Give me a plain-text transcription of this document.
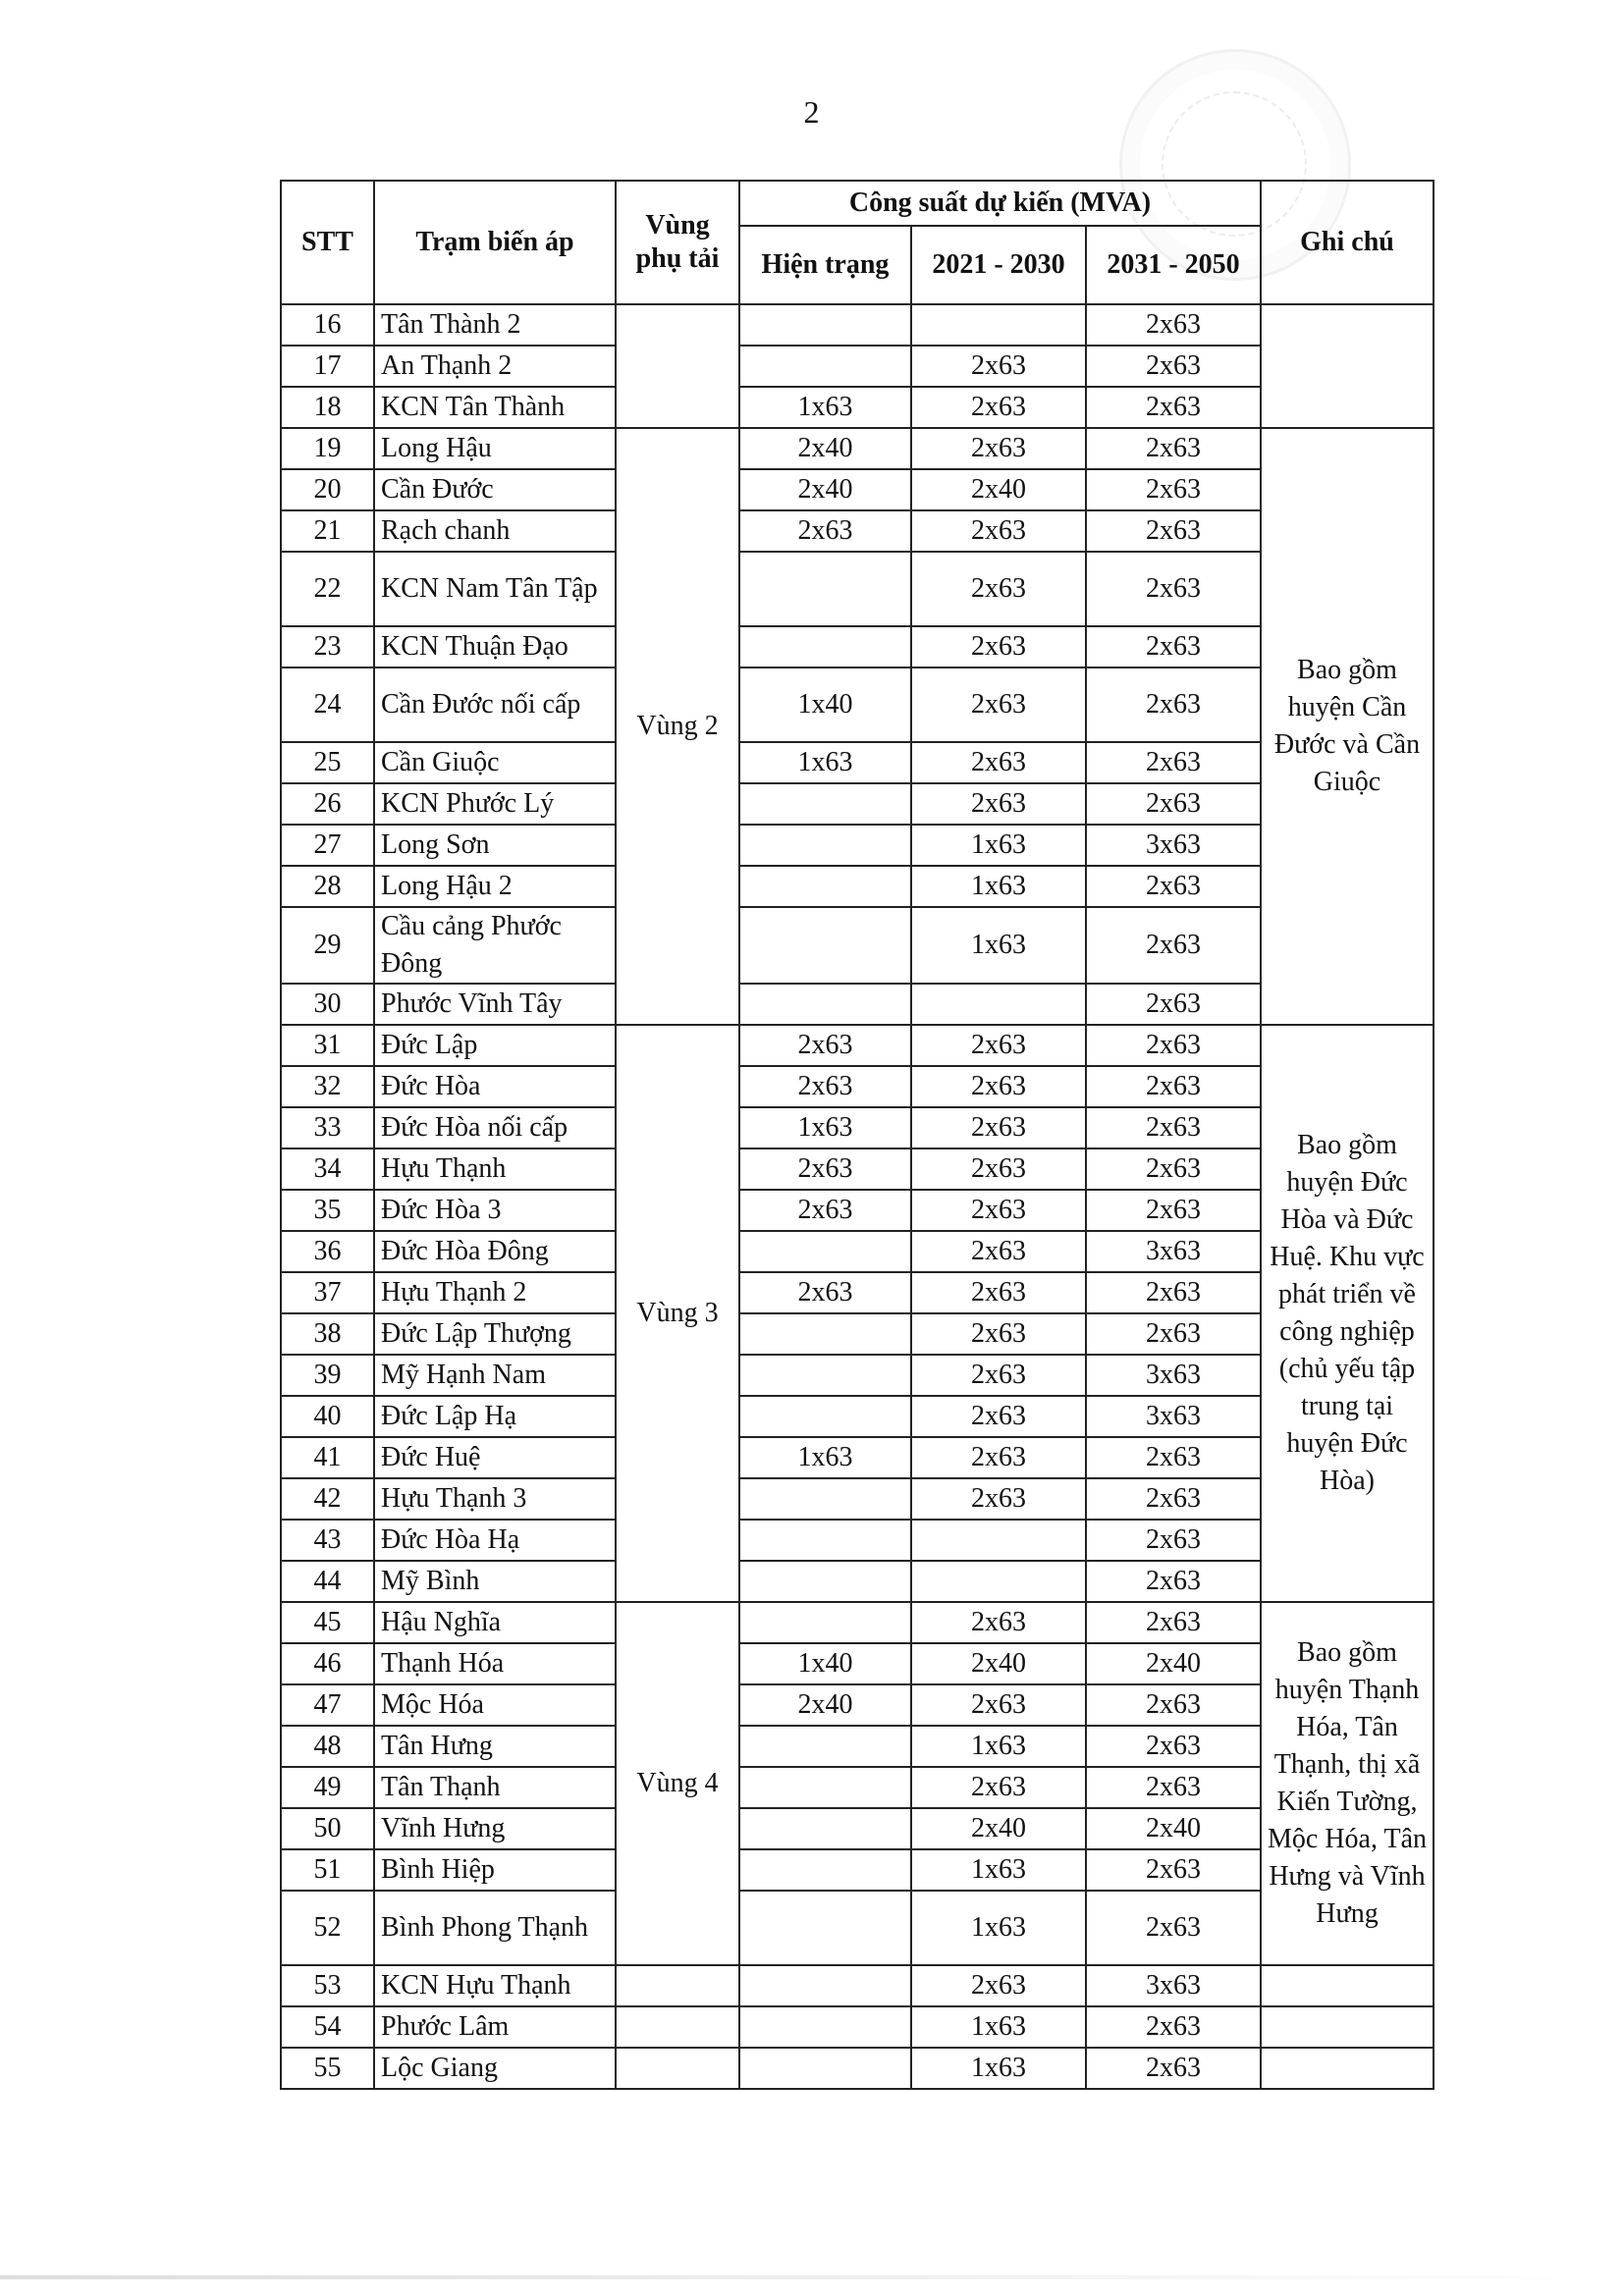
2
STT	Trạm biến áp	Vùng phụ tải	Công suất dự kiến (MVA)			Ghi chú
			Hiện trạng	2021 - 2030	2031 - 2050	
16	Tân Thành 2				2x63	
17	An Thạnh 2			2x63	2x63	
18	KCN Tân Thành		1x63	2x63	2x63	
19	Long Hậu	Vùng 2	2x40	2x63	2x63	Bao gồm huyện Cần Đước và Cần Giuộc
20	Cần Đước		2x40	2x40	2x63	
21	Rạch chanh		2x63	2x63	2x63	
22	KCN Nam Tân Tập			2x63	2x63	
23	KCN Thuận Đạo			2x63	2x63	
24	Cần Đước nối cấp		1x40	2x63	2x63	
25	Cần Giuộc		1x63	2x63	2x63	
26	KCN Phước Lý			2x63	2x63	
27	Long Sơn			1x63	3x63	
28	Long Hậu 2			1x63	2x63	
29	Cầu cảng Phước Đông			1x63	2x63	
30	Phước Vĩnh Tây				2x63	
31	Đức Lập	Vùng 3	2x63	2x63	2x63	Bao gồm huyện Đức Hòa và Đức Huệ. Khu vực phát triển về công nghiệp (chủ yếu tập trung tại huyện Đức Hòa)
32	Đức Hòa		2x63	2x63	2x63	
33	Đức Hòa nối cấp		1x63	2x63	2x63	
34	Hựu Thạnh		2x63	2x63	2x63	
35	Đức Hòa 3		2x63	2x63	2x63	
36	Đức Hòa Đông			2x63	3x63	
37	Hựu Thạnh 2		2x63	2x63	2x63	
38	Đức Lập Thượng			2x63	2x63	
39	Mỹ Hạnh Nam			2x63	3x63	
40	Đức Lập Hạ			2x63	3x63	
41	Đức Huệ		1x63	2x63	2x63	
42	Hựu Thạnh 3			2x63	2x63	
43	Đức Hòa Hạ				2x63	
44	Mỹ Bình				2x63	
45	Hậu Nghĩa	Vùng 4		2x63	2x63	Bao gồm huyện Thạnh Hóa, Tân Thạnh, thị xã Kiến Tường, Mộc Hóa, Tân Hưng và Vĩnh Hưng
46	Thạnh Hóa		1x40	2x40	2x40	
47	Mộc Hóa		2x40	2x63	2x63	
48	Tân Hưng			1x63	2x63	
49	Tân Thạnh			2x63	2x63	
50	Vĩnh Hưng			2x40	2x40	
51	Bình Hiệp			1x63	2x63	
52	Bình Phong Thạnh			1x63	2x63	
53	KCN Hựu Thạnh			2x63	3x63	
54	Phước Lâm			1x63	2x63	
55	Lộc Giang			1x63	2x63	
